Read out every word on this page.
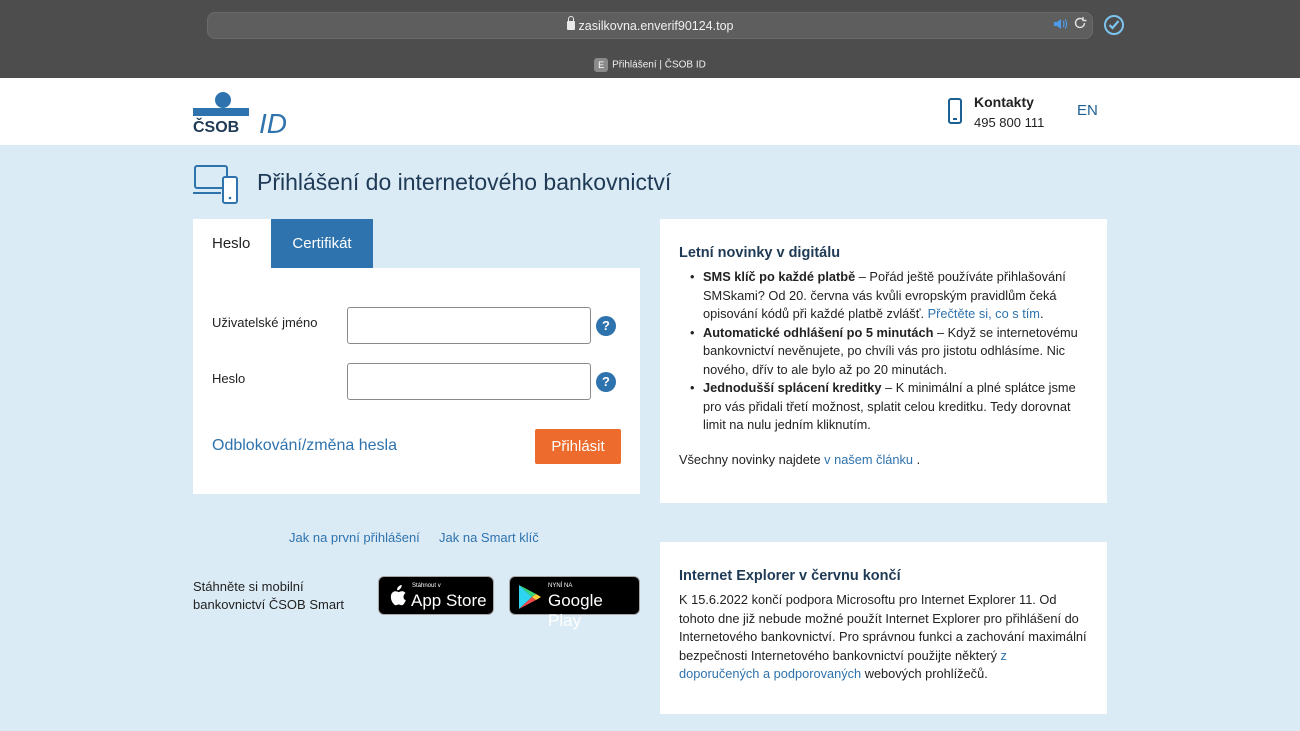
zasilkovna.enverif90124.top
E Přihlášení | ČSOB ID
ČSOB ID
Kontakty
495 800 111
EN
Přihlášení do internetového bankovnictví
Heslo	Certifikát
Uživatelské jméno	?
Heslo	?
Odblokování/změna hesla	Přihlásit
Jak na první přihlášení Jak na Smart klíč
Stáhněte si mobilní bankovnictví ČSOB Smart
Stáhnout v
App Store
NYNÍ NA
Google Play
Letní novinky v digitálu
• SMS klíč po každé platbě – Pořád ještě používáte přihlašování SMSkami? Od 20. června vás kvůli evropským pravidlům čeká opisování kódů při každé platbě zvlášť. Přečtěte si, co s tím.
• Automatické odhlášení po 5 minutách – Když se internetovému bankovnictví nevěnujete, po chvíli vás pro jistotu odhlásíme. Nic nového, dřív to ale bylo až po 20 minutách.
• Jednodušší splácení kreditky – K minimální a plné splátce jsme pro vás přidali třetí možnost, splatit celou kreditku. Tedy dorovnat limit na nulu jedním kliknutím.
Všechny novinky najdete v našem článku .
Internet Explorer v červnu končí
K 15.6.2022 končí podpora Microsoftu pro Internet Explorer 11. Od tohoto dne již nebude možné použít Internet Explorer pro přihlášení do Internetového bankovnictví. Pro správnou funkci a zachování maximální bezpečnosti Internetového bankovnictví použijte některý z doporučených a podporovaných webových prohlížečů.
